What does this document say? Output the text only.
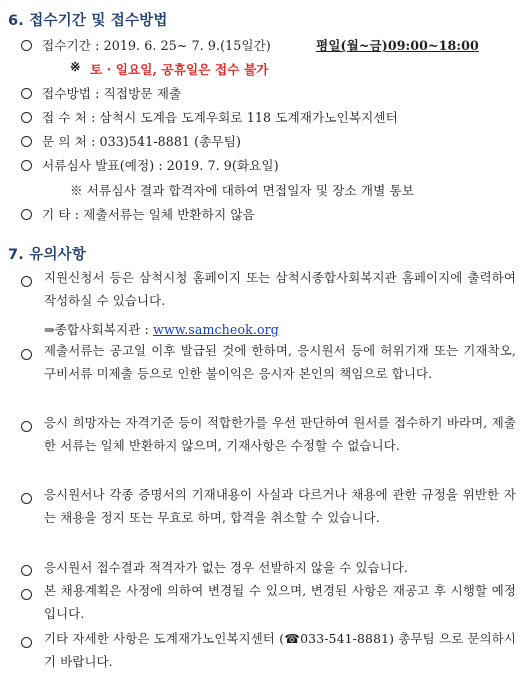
6. 접수기간 및 접수방법
접수기간 : 2019. 6. 25~ 7. 9.(15일간)	평일(월~금)09:00~18:00
※ 토 · 일요일, 공휴일은 접수 불가
접수방법 : 직접방문 제출
접 수 처 : 삼척시 도계읍 도계우회로 118 도계재가노인복지센터
문 의 처 : 033)541-8881 (총무팀)
서류심사 발표(예정) : 2019. 7. 9(화요일)
※ 서류심사 결과 합격자에 대하여 면접일자 및 장소 개별 통보
기 타 : 제출서류는 일체 반환하지 않음
7. 유의사항
지원신청서 등은 삼척시청 홈페이지 또는 삼척시종합사회복지관 홈페이지에 출력하여 작성하실 수 있습니다.
⇒종합사회복지관 : www.samcheok.org
제출서류는 공고일 이후 발급된 것에 한하며, 응시원서 등에 허위기재 또는 기재착오, 구비서류 미제출 등으로 인한 불이익은 응시자 본인의 책임으로 합니다.
응시 희망자는 자격기준 등이 적합한가를 우선 판단하여 원서를 접수하기 바라며, 제출한 서류는 일체 반환하지 않으며, 기재사항은 수정할 수 없습니다.
응시원서나 각종 증명서의 기재내용이 사실과 다르거나 채용에 관한 규정을 위반한 자는 채용을 정지 또는 무효로 하며, 합격을 취소할 수 있습니다.
응시원서 접수결과 적격자가 없는 경우 선발하지 않을 수 있습니다.
본 채용계획은 사정에 의하여 변경될 수 있으며, 변경된 사항은 재공고 후 시행할 예정입니다.
기타 자세한 사항은 도계재가노인복지센터 (☎033-541-8881) 총무팀 으로 문의하시기 바랍니다.
